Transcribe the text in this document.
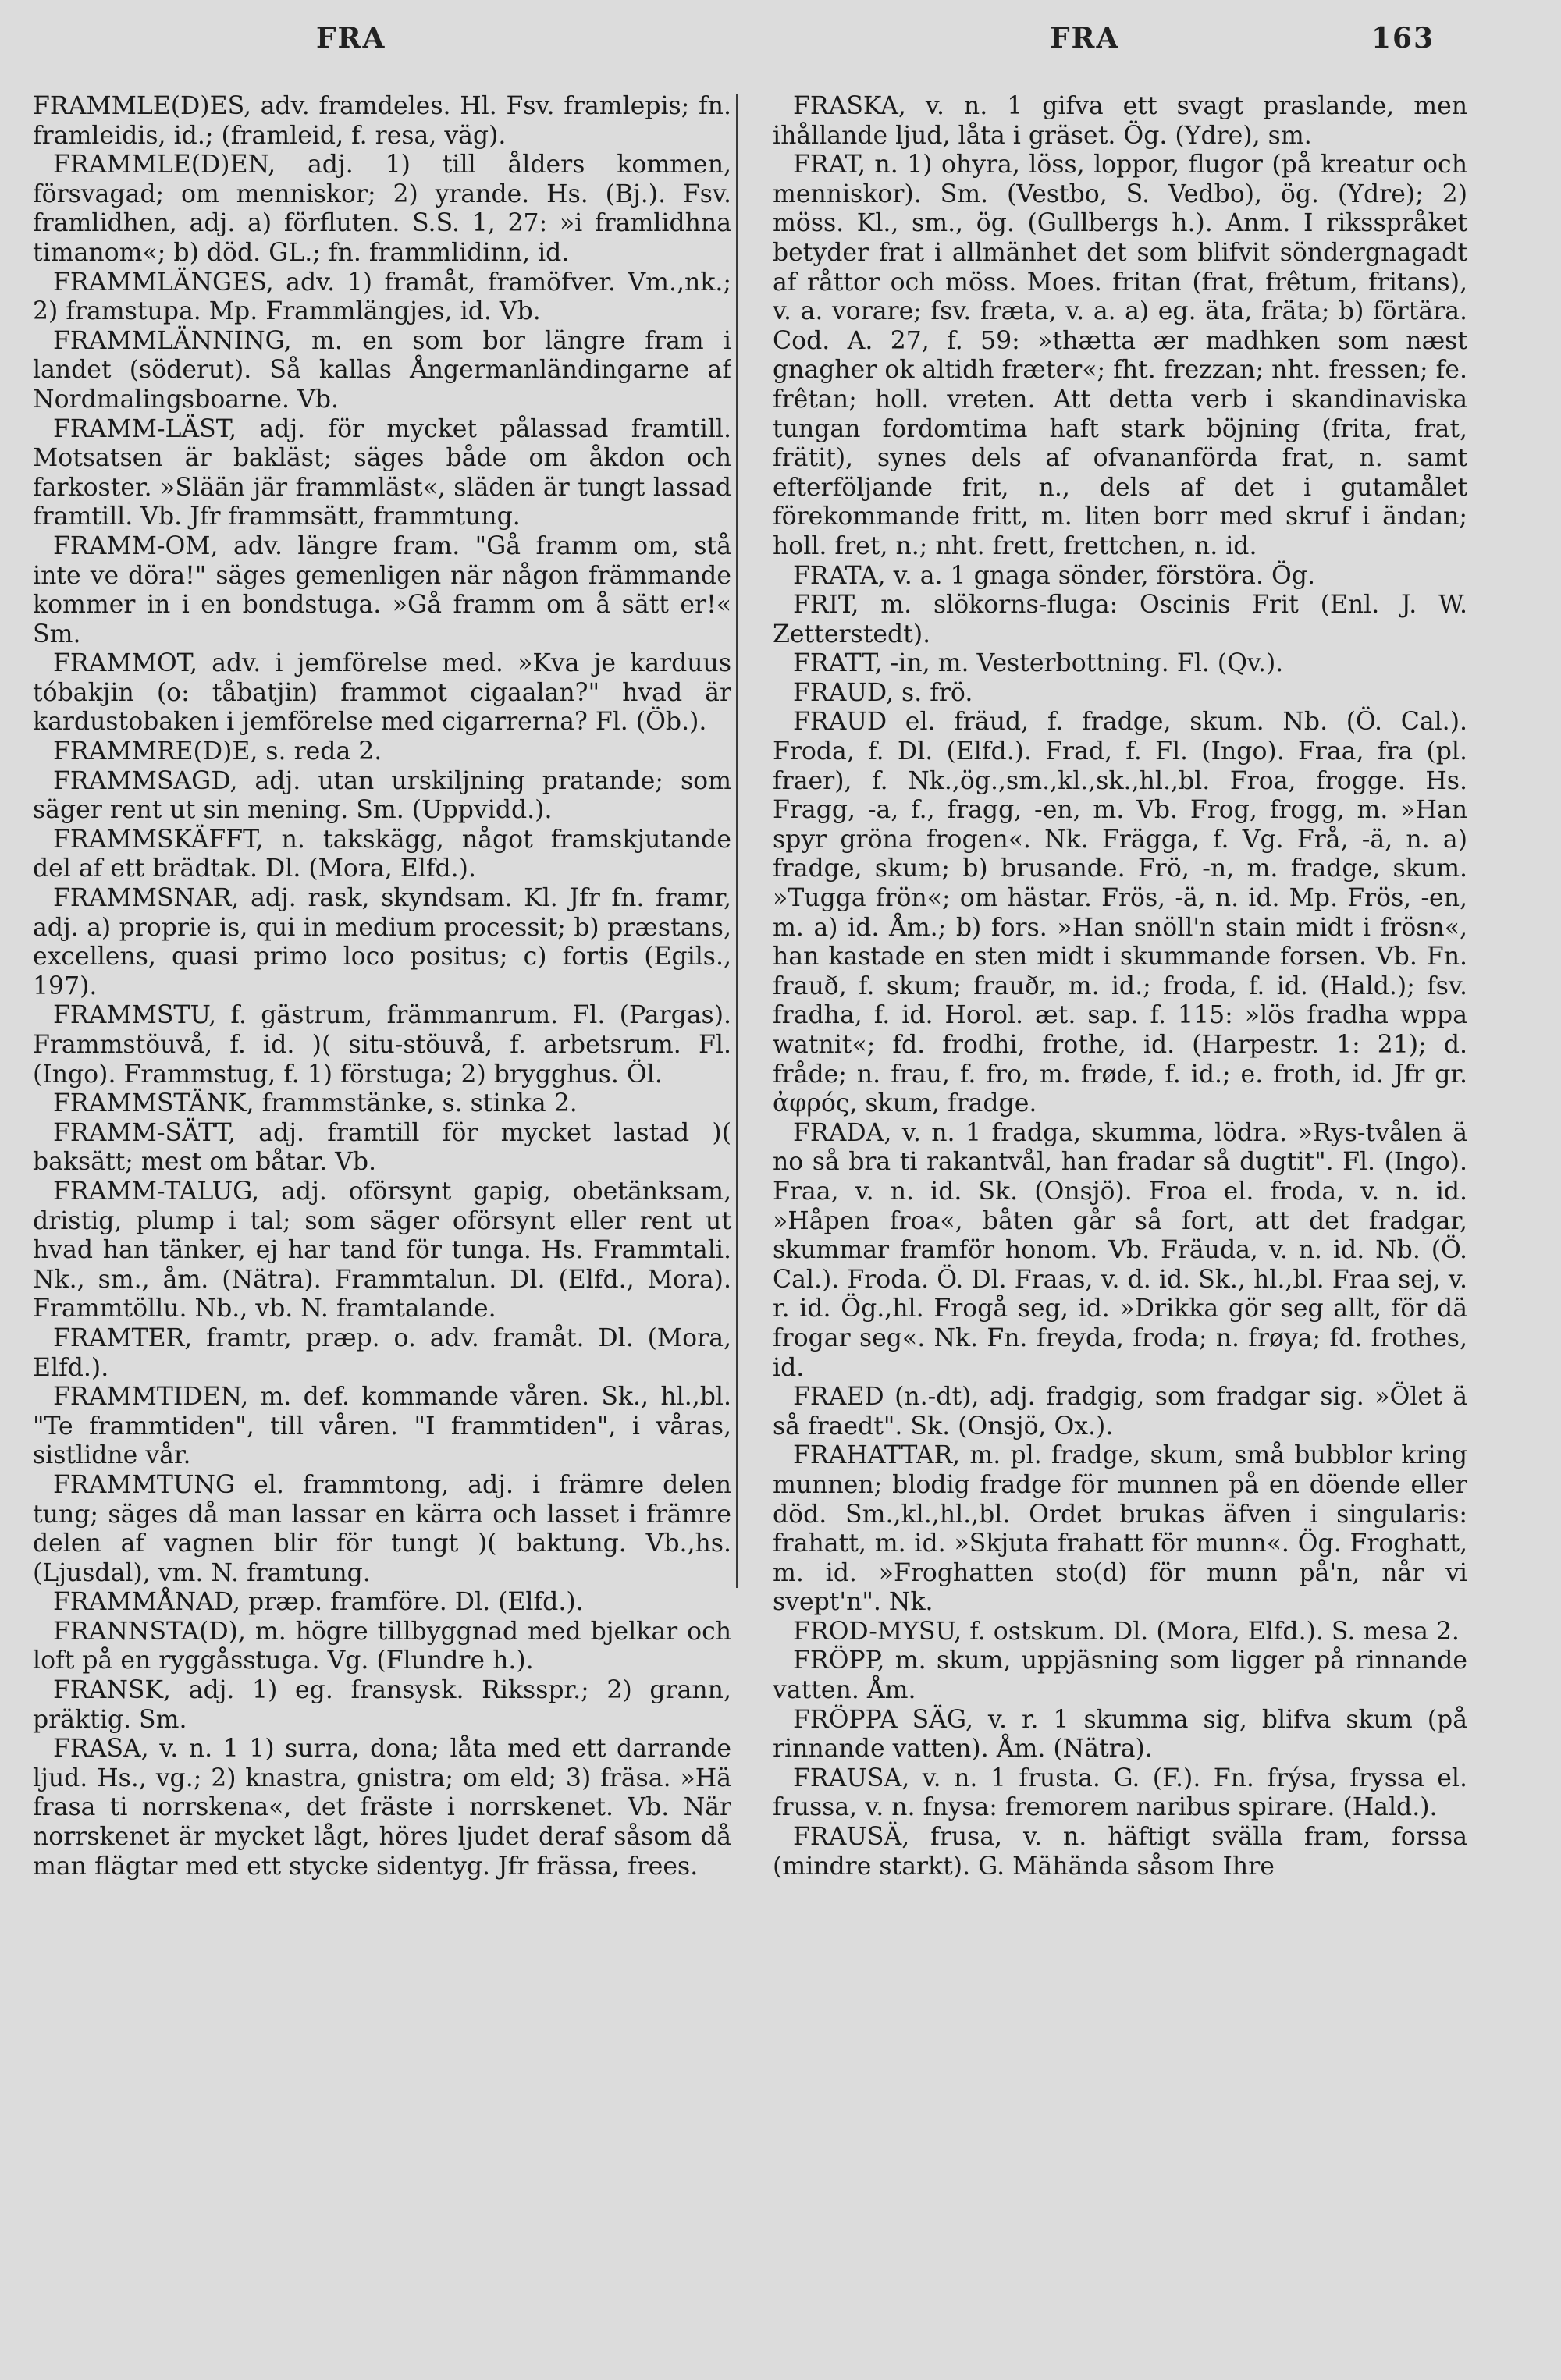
FRA	FRA	163

FRAMMLE(D)ES, adv. framdeles. Hl. Fsv. framlepis; fn. framleidis, id.; (framleid, f. resa, väg).

FRAMMLE(D)EN, adj. 1) till ålders kommen, försvagad; om menniskor; 2) yrande. Hs. (Bj.). Fsv. framlidhen, adj. a) förfluten. S.S. 1, 27: »i framlidhna timanom«; b) död. GL.; fn. frammlidinn, id.

FRAMMLÄNGES, adv. 1) framåt, framöfver. Vm.,nk.; 2) framstupa. Mp. Frammlängjes, id. Vb.

FRAMMLÄNNING, m. en som bor längre fram i landet (söderut). Så kallas Ångermanländingarne af Nordmalingsboarne. Vb.

FRAMM-LÄST, adj. för mycket pålassad framtill. Motsatsen är bakläst; säges både om åkdon och farkoster. »Slään jär frammläst«, släden är tungt lassad framtill. Vb. Jfr frammsätt, frammtung.

FRAMM-OM, adv. längre fram. "Gå framm om, stå inte ve döra!" säges gemenligen när någon främmande kommer in i en bondstuga. »Gå framm om å sätt er!« Sm.

FRAMMOT, adv. i jemförelse med. »Kva je karduus tóbakjin (o: tåbatjin) frammot cigaalan?" hvad är kardustobaken i jemförelse med cigarrerna? Fl. (Öb.).

FRAMMRE(D)E, s. reda 2.

FRAMMSAGD, adj. utan urskiljning pratande; som säger rent ut sin mening. Sm. (Uppvidd.).

FRAMMSKÄFFT, n. takskägg, något framskjutande del af ett brädtak. Dl. (Mora, Elfd.).

FRAMMSNAR, adj. rask, skyndsam. Kl. Jfr fn. framr, adj. a) proprie is, qui in medium processit; b) præstans, excellens, quasi primo loco positus; c) fortis (Egils., 197).

FRAMMSTU, f. gästrum, främmanrum. Fl. (Pargas). Frammstöuvå, f. id. )( situ-stöuvå, f. arbetsrum. Fl. (Ingo). Frammstug, f. 1) förstuga; 2) brygghus. Öl.

FRAMMSTÄNK, frammstänke, s. stinka 2.

FRAMM-SÄTT, adj. framtill för mycket lastad )( baksätt; mest om båtar. Vb.

FRAMM-TALUG, adj. oförsynt gapig, obetänksam, dristig, plump i tal; som säger oförsynt eller rent ut hvad han tänker, ej har tand för tunga. Hs. Frammtali. Nk., sm., åm. (Nätra). Frammtalun. Dl. (Elfd., Mora). Frammtöllu. Nb., vb. N. framtalande.

FRAMTER, framtr, præp. o. adv. framåt. Dl. (Mora, Elfd.).

FRAMMTIDEN, m. def. kommande våren. Sk., hl.,bl. "Te frammtiden", till våren. "I frammtiden", i våras, sistlidne vår.

FRAMMTUNG el. frammtong, adj. i främre delen tung; säges då man lassar en kärra och lasset i främre delen af vagnen blir för tungt )( baktung. Vb.,hs. (Ljusdal), vm. N. framtung.

FRAMMÅNAD, præp. framföre. Dl. (Elfd.).

FRANNSTA(D), m. högre tillbyggnad med bjelkar och loft på en ryggåsstuga. Vg. (Flundre h.).

FRANSK, adj. 1) eg. fransysk. Riksspr.; 2) grann, präktig. Sm.

FRASA, v. n. 1 1) surra, dona; låta med ett darrande ljud. Hs., vg.; 2) knastra, gnistra; om eld; 3) fräsa. »Hä frasa ti norrskena«, det fräste i norrskenet. Vb. När norrskenet är mycket lågt, höres ljudet deraf såsom då man flägtar med ett stycke sidentyg. Jfr frässa, frees.

FRASKA, v. n. 1 gifva ett svagt praslande, men ihållande ljud, låta i gräset. Ög. (Ydre), sm.

FRAT, n. 1) ohyra, löss, loppor, flugor (på kreatur och menniskor). Sm. (Vestbo, S. Vedbo), ög. (Ydre); 2) möss. Kl., sm., ög. (Gullbergs h.). Anm. I riksspråket betyder frat i allmänhet det som blifvit söndergnagadt af råttor och möss. Moes. fritan (frat, frêtum, fritans), v. a. vorare; fsv. fræta, v. a. a) eg. äta, fräta; b) förtära. Cod. A. 27, f. 59: »thætta ær madhken som næst gnagher ok altidh fræter«; fht. frezzan; nht. fressen; fe. frêtan; holl. vreten. Att detta verb i skandinaviska tungan fordomtima haft stark böjning (frita, frat, frätit), synes dels af ofvananförda frat, n. samt efterföljande frit, n., dels af det i gutamålet förekommande fritt, m. liten borr med skruf i ändan; holl. fret, n.; nht. frett, frettchen, n. id.

FRATA, v. a. 1 gnaga sönder, förstöra. Ög.

FRIT, m. slökorns-fluga: Oscinis Frit (Enl. J. W. Zetterstedt).

FRATT, -in, m. Vesterbottning. Fl. (Qv.).

FRAUD, s. frö.

FRAUD el. fräud, f. fradge, skum. Nb. (Ö. Cal.). Froda, f. Dl. (Elfd.). Frad, f. Fl. (Ingo). Fraa, fra (pl. fraer), f. Nk.,ög.,sm.,kl.,sk.,hl.,bl. Froa, frogge. Hs. Fragg, -a, f., fragg, -en, m. Vb. Frog, frogg, m. »Han spyr gröna frogen«. Nk. Frägga, f. Vg. Frå, -ä, n. a) fradge, skum; b) brusande. Frö, -n, m. fradge, skum. »Tugga frön«; om hästar. Frös, -ä, n. id. Mp. Frös, -en, m. a) id. Åm.; b) fors. »Han snöll'n stain midt i frösn«, han kastade en sten midt i skummande forsen. Vb. Fn. frauð, f. skum; frauðr, m. id.; froda, f. id. (Hald.); fsv. fradha, f. id. Horol. æt. sap. f. 115: »lös fradha wppa watnit«; fd. frodhi, frothe, id. (Harpestr. 1: 21); d. fråde; n. frau, f. fro, m. frøde, f. id.; e. froth, id. Jfr gr. ἀφρός, skum, fradge.

FRADA, v. n. 1 fradga, skumma, lödra. »Rys-tvålen ä no så bra ti rakantvål, han fradar så dugtit". Fl. (Ingo). Fraa, v. n. id. Sk. (Onsjö). Froa el. froda, v. n. id. »Håpen froa«, båten går så fort, att det fradgar, skummar framför honom. Vb. Fräuda, v. n. id. Nb. (Ö. Cal.). Froda. Ö. Dl. Fraas, v. d. id. Sk., hl.,bl. Fraa sej, v. r. id. Ög.,hl. Frogå seg, id. »Drikka gör seg allt, för dä frogar seg«. Nk. Fn. freyda, froda; n. frøya; fd. frothes, id.

FRAED (n.-dt), adj. fradgig, som fradgar sig. »Ölet ä så fraedt". Sk. (Onsjö, Ox.).

FRAHATTAR, m. pl. fradge, skum, små bubblor kring munnen; blodig fradge för munnen på en döende eller död. Sm.,kl.,hl.,bl. Ordet brukas äfven i singularis: frahatt, m. id. »Skjuta frahatt för munn«. Ög. Froghatt, m. id. »Froghatten sto(d) för munn på'n, når vi svept'n". Nk.

FROD-MYSU, f. ostskum. Dl. (Mora, Elfd.). S. mesa 2.

FRÖPP, m. skum, uppjäsning som ligger på rinnande vatten. Åm.

FRÖPPA SÄG, v. r. 1 skumma sig, blifva skum (på rinnande vatten). Åm. (Nätra).

FRAUSA, v. n. 1 frusta. G. (F.). Fn. frýsa, fryssa el. frussa, v. n. fnysa: fremorem naribus spirare. (Hald.).

FRAUSÄ, frusa, v. n. häftigt svälla fram, forssa (mindre starkt). G. Mähända såsom Ihre
